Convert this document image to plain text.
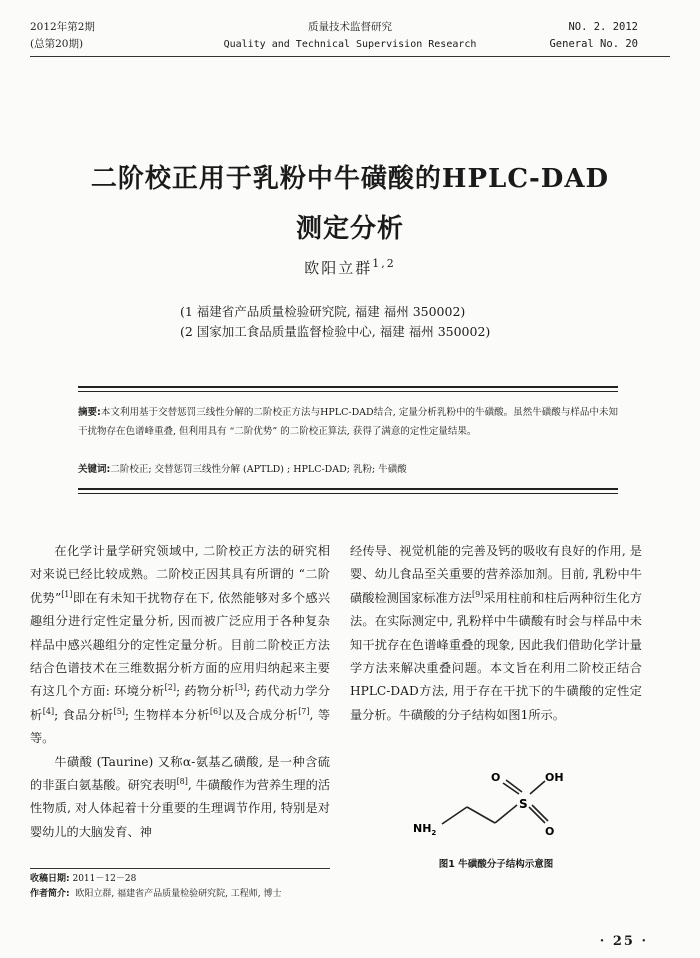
2012年第2期
(总第20期)
质量技术监督研究
Quality and Technical Supervision Research
NO. 2. 2012
General No. 20
二阶校正用于乳粉中牛磺酸的HPLC-DAD
测定分析
欧阳立群$^{1,2}$
(1 福建省产品质量检验研究院, 福建 福州 350002)
(2 国家加工食品质量监督检验中心, 福建 福州 350002)
摘要:本文利用基于交替惩罚三线性分解的二阶校正方法与HPLC-DAD结合, 定量分析乳粉中的牛磺酸。虽然牛磺酸与样品中未知干扰物存在色谱峰重叠, 但利用具有 “二阶优势” 的二阶校正算法, 获得了满意的定性定量结果。
关键词:二阶校正; 交替惩罚三线性分解 (APTLD) ; HPLC-DAD; 乳粉; 牛磺酸

在化学计量学研究领域中, 二阶校正方法的研究相对来说已经比较成熟。二阶校正因其具有所谓的 “二阶优势”[1]即在有未知干扰物存在下, 依然能够对多个感兴趣组分进行定性定量分析, 因而被广泛应用于各种复杂样品中感兴趣组分的定性定量分析。目前二阶校正方法结合色谱技术在三维数据分析方面的应用归纳起来主要有这几个方面: 环境分析[2]; 药物分析[3]; 药代动力学分析[4]; 食品分析[5]; 生物样本分析[6]以及合成分析[7], 等等。

牛磺酸 (Taurine) 又称α-氨基乙磺酸, 是一种含硫的非蛋白氨基酸。研究表明[8], 牛磺酸作为营养生理的活性物质, 对人体起着十分重要的生理调节作用, 特别是对婴幼儿的大脑发育、神

经传导、视觉机能的完善及钙的吸收有良好的作用, 是婴、幼儿食品至关重要的营养添加剂。目前, 乳粉中牛磺酸检测国家标准方法[9]采用柱前和柱后两种衍生化方法。在实际测定中, 乳粉样中牛磺酸有时会与样品中未知干扰存在色谱峰重叠的现象, 因此我们借助化学计量学方法来解决重叠问题。本文旨在利用二阶校正结合HPLC-DAD方法, 用于存在干扰下的牛磺酸的定性定量分析。牛磺酸的分子结构如图1所示。

O	OH
S
$NH_2$	O
图1 牛磺酸分子结构示意图
收稿日期: 2011－12－28
作者简介: 欧阳立群, 福建省产品质量检验研究院, 工程师, 博士
· 25 ·
